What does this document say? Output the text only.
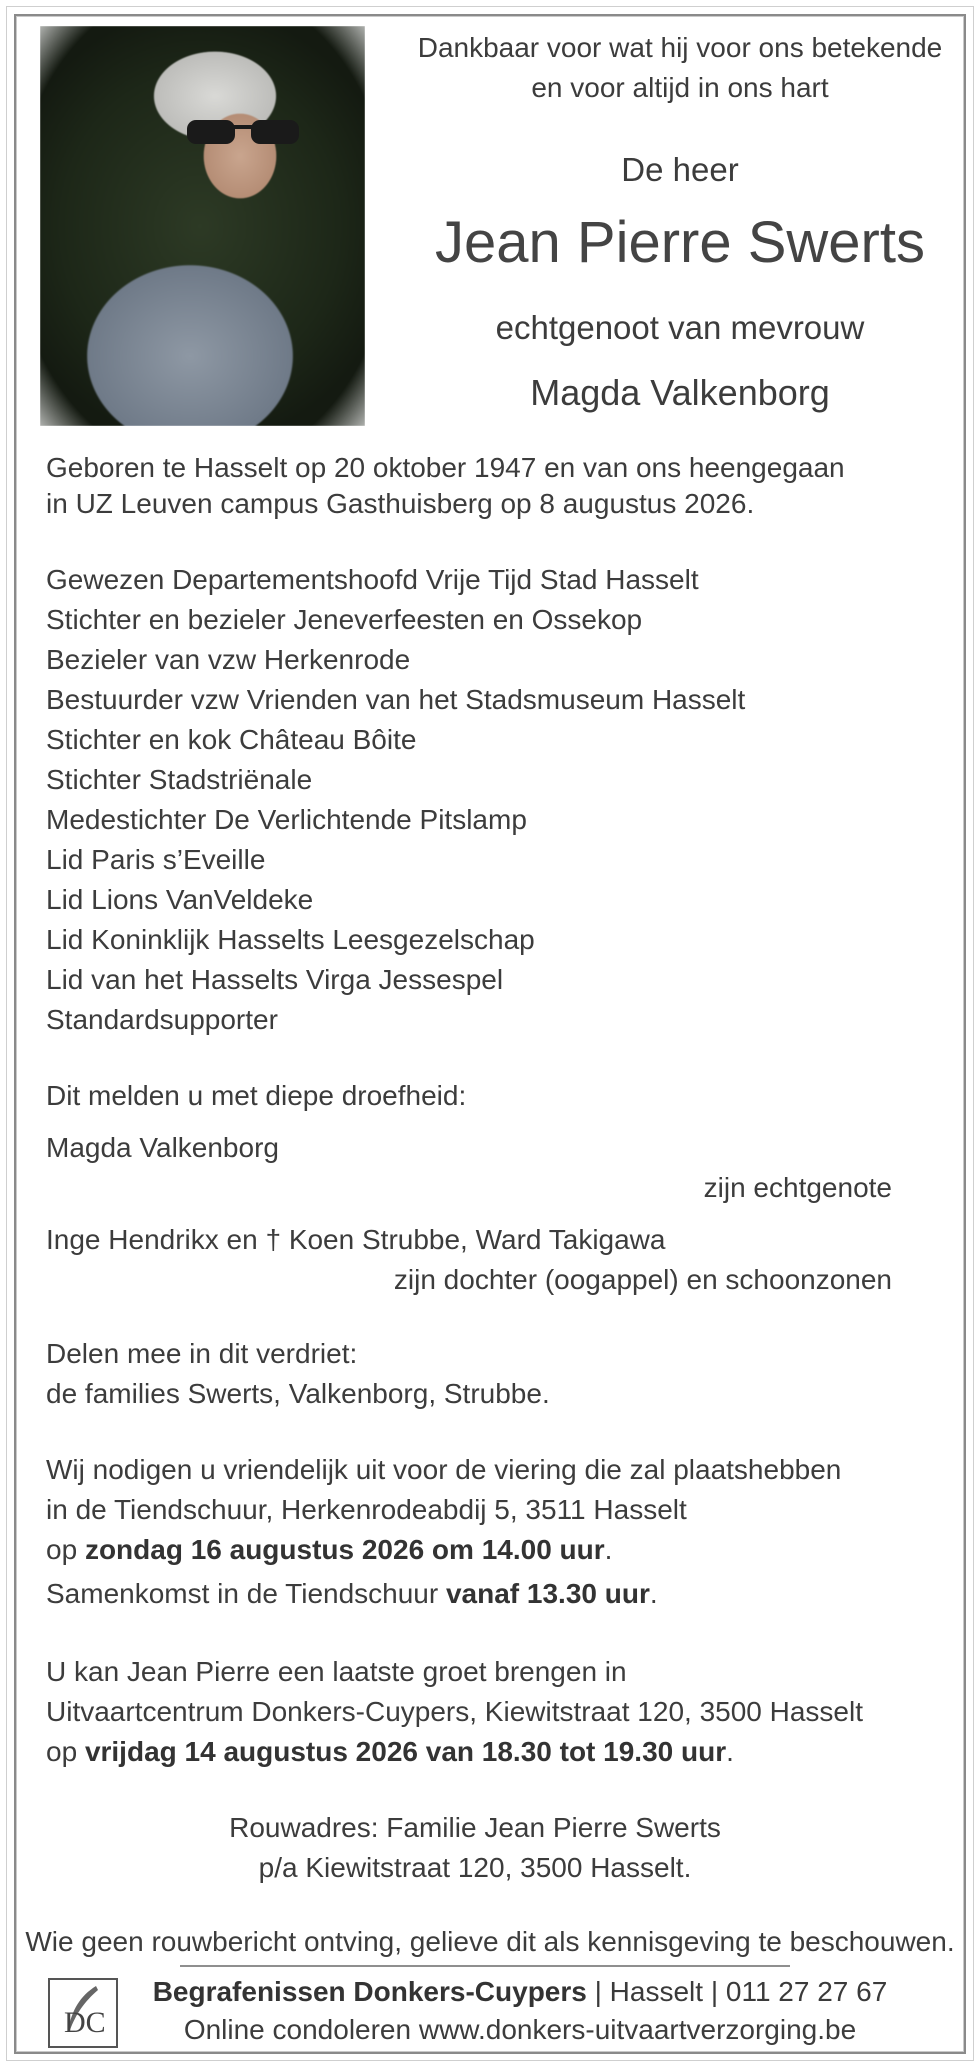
Dankbaar voor wat hij voor ons betekende
en voor altijd in ons hart
De heer
Jean Pierre Swerts
echtgenoot van mevrouw
Magda Valkenborg
Geboren te Hasselt op 20 oktober 1947 en van ons heengegaan
in UZ Leuven campus Gasthuisberg op 8 augustus 2026.
Gewezen Departementshoofd Vrije Tijd Stad Hasselt
Stichter en bezieler Jeneverfeesten en Ossekop
Bezieler van vzw Herkenrode
Bestuurder vzw Vrienden van het Stadsmuseum Hasselt
Stichter en kok Château Bôite
Stichter Stadstriënale
Medestichter De Verlichtende Pitslamp
Lid Paris s’Eveille
Lid Lions VanVeldeke
Lid Koninklijk Hasselts Leesgezelschap
Lid van het Hasselts Virga Jessespel
Standardsupporter
Dit melden u met diepe droefheid:
Magda Valkenborg
zijn echtgenote
Inge Hendrikx en † Koen Strubbe, Ward Takigawa
zijn dochter (oogappel) en schoonzonen
Delen mee in dit verdriet:
de families Swerts, Valkenborg, Strubbe.
Wij nodigen u vriendelijk uit voor de viering die zal plaatshebben
in de Tiendschuur, Herkenrodeabdij 5, 3511 Hasselt
op zondag 16 augustus 2026 om 14.00 uur.
Samenkomst in de Tiendschuur vanaf 13.30 uur.
U kan Jean Pierre een laatste groet brengen in
Uitvaartcentrum Donkers-Cuypers, Kiewitstraat 120, 3500 Hasselt
op vrijdag 14 augustus 2026 van 18.30 tot 19.30 uur.
Rouwadres: Familie Jean Pierre Swerts
p/a Kiewitstraat 120, 3500 Hasselt.
Wie geen rouwbericht ontving, gelieve dit als kennisgeving te beschouwen.
DC
Begrafenissen Donkers-Cuypers | Hasselt | 011 27 27 67
Online condoleren www.donkers-uitvaartverzorging.be
